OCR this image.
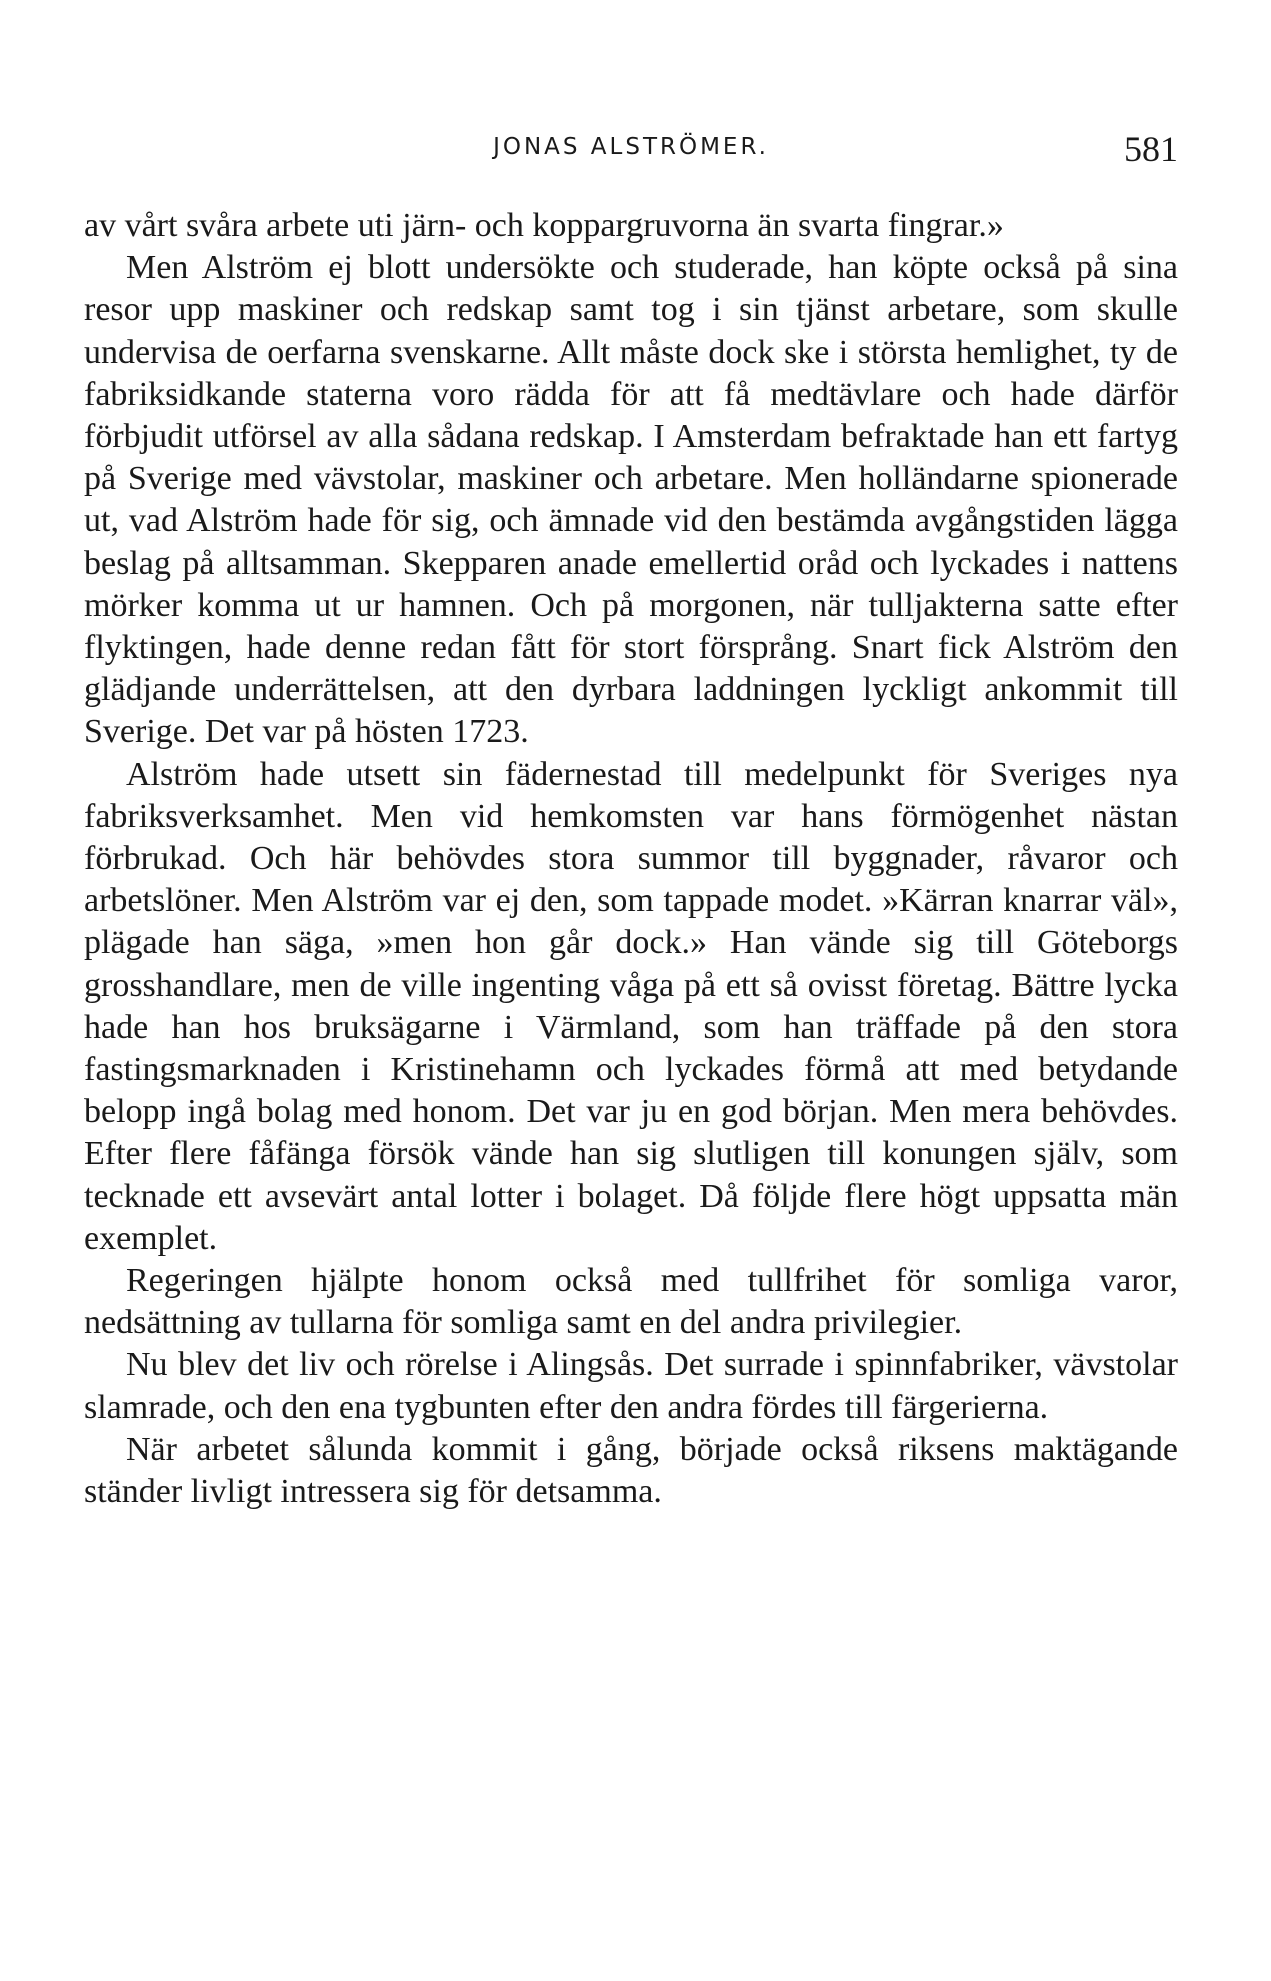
JONAS ALSTRÖMER.	581

av vårt svåra arbete uti järn- och koppargruvorna än svarta fingrar.»

Men Alström ej blott undersökte och studerade, han köpte också på sina resor upp maskiner och redskap samt tog i sin tjänst arbetare, som skulle undervisa de oerfarna svenskarne. Allt måste dock ske i största hemlighet, ty de fabriksidkande staterna voro rädda för att få medtävlare och hade därför förbjudit utförsel av alla sådana redskap. I Amsterdam befraktade han ett fartyg på Sverige med vävstolar, maskiner och arbetare. Men holländarne spionerade ut, vad Alström hade för sig, och ämnade vid den bestämda avgångstiden lägga beslag på alltsamman. Skepparen anade emellertid oråd och lyckades i nattens mörker komma ut ur hamnen. Och på morgonen, när tulljakterna satte efter flyktingen, hade denne redan fått för stort försprång. Snart fick Alström den glädjande underrättelsen, att den dyrbara laddningen lyckligt ankommit till Sverige. Det var på hösten 1723.

Alström hade utsett sin fädernestad till medelpunkt för Sveriges nya fabriksverksamhet. Men vid hemkomsten var hans förmögenhet nästan förbrukad. Och här behövdes stora summor till byggnader, råvaror och arbetslöner. Men Alström var ej den, som tappade modet. »Kärran knarrar väl», plägade han säga, »men hon går dock.» Han vände sig till Göteborgs grosshandlare, men de ville ingenting våga på ett så ovisst företag. Bättre lycka hade han hos bruksägarne i Värmland, som han träffade på den stora fastingsmarknaden i Kristinehamn och lyckades förmå att med betydande belopp ingå bolag med honom. Det var ju en god början. Men mera behövdes. Efter flere fåfänga försök vände han sig slutligen till konungen själv, som tecknade ett avsevärt antal lotter i bolaget. Då följde flere högt uppsatta män exemplet.

Regeringen hjälpte honom också med tullfrihet för somliga varor, nedsättning av tullarna för somliga samt en del andra privilegier.

Nu blev det liv och rörelse i Alingsås. Det surrade i spinnfabriker, vävstolar slamrade, och den ena tygbunten efter den andra fördes till färgerierna.

När arbetet sålunda kommit i gång, började också riksens maktägande ständer livligt intressera sig för detsamma.
